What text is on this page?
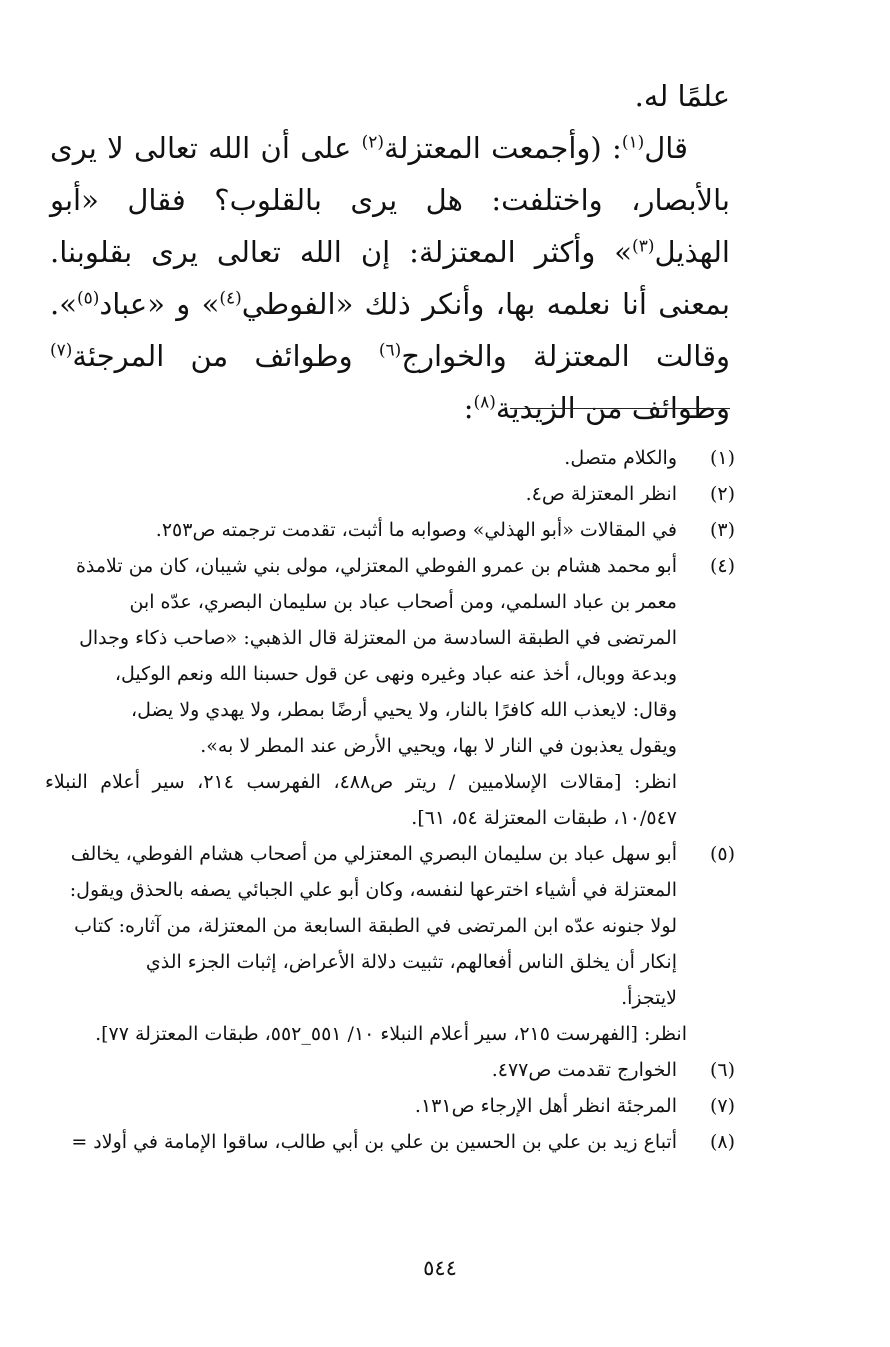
علمًا له.

قال$^{(١)}$: (وأجمعت المعتزلة$^{(٢)}$ على أن الله تعالى لا يرى بالأبصار، واختلفت: هل يرى بالقلوب؟ فقال «أبو الهذيل$^{(٣)}$» وأكثر المعتزلة: إن الله تعالى يرى بقلوبنا. بمعنى أنا نعلمه بها، وأنكر ذلك «الفوطي$^{(٤)}$» و «عباد$^{(٥)}$». وقالت المعتزلة والخوارج$^{(٦)}$ وطوائف من المرجئة$^{(٧)}$ وطوائف من الزيدية$^{(٨)}$:

(١)
والكلام متصل.
(٢)
انظر المعتزلة ص٤.
(٣)
في المقالات «أبو الهذلي» وصوابه ما أثبت، تقدمت ترجمته ص٢٥٣.
(٤)
أبو محمد هشام بن عمرو الفوطي المعتزلي، مولى بني شيبان، كان من تلامذة
معمر بن عباد السلمي، ومن أصحاب عباد بن سليمان البصري، عدّه ابن
المرتضى في الطبقة السادسة من المعتزلة قال الذهبي: «صاحب ذكاء وجدال
وبدعة ووبال، أخذ عنه عباد وغيره ونهى عن قول حسبنا الله ونعم الوكيل،
وقال: لايعذب الله كافرًا بالنار، ولا يحيي أرضًا بمطر، ولا يهدي ولا يضل،
ويقول يعذبون في النار لا بها، ويحيي الأرض عند المطر لا به».
انظر: [مقالات الإسلاميين / ريتر ص٤٨٨، الفهرسب ٢١٤، سير أعلام النبلاء ١٠/٥٤٧، طبقات المعتزلة ٥٤، ٦١].
(٥)
أبو سهل عباد بن سليمان البصري المعتزلي من أصحاب هشام الفوطي، يخالف
المعتزلة في أشياء اخترعها لنفسه، وكان أبو علي الجبائي يصفه بالحذق ويقول:
لولا جنونه عدّه ابن المرتضى في الطبقة السابعة من المعتزلة، من آثاره: كتاب
إنكار أن يخلق الناس أفعالهم، تثبيت دلالة الأعراض، إثبات الجزء الذي
لايتجزأ.
انظر: [الفهرست ٢١٥، سير أعلام النبلاء ١٠/ ٥٥١_٥٥٢، طبقات المعتزلة ٧٧].
(٦)
الخوارج تقدمت ص٤٧٧.
(٧)
المرجئة انظر أهل الإرجاء ص١٣١.
(٨)
أتباع زيد بن علي بن الحسين بن علي بن أبي طالب، ساقوا الإمامة في أولاد =
٥٤٤
